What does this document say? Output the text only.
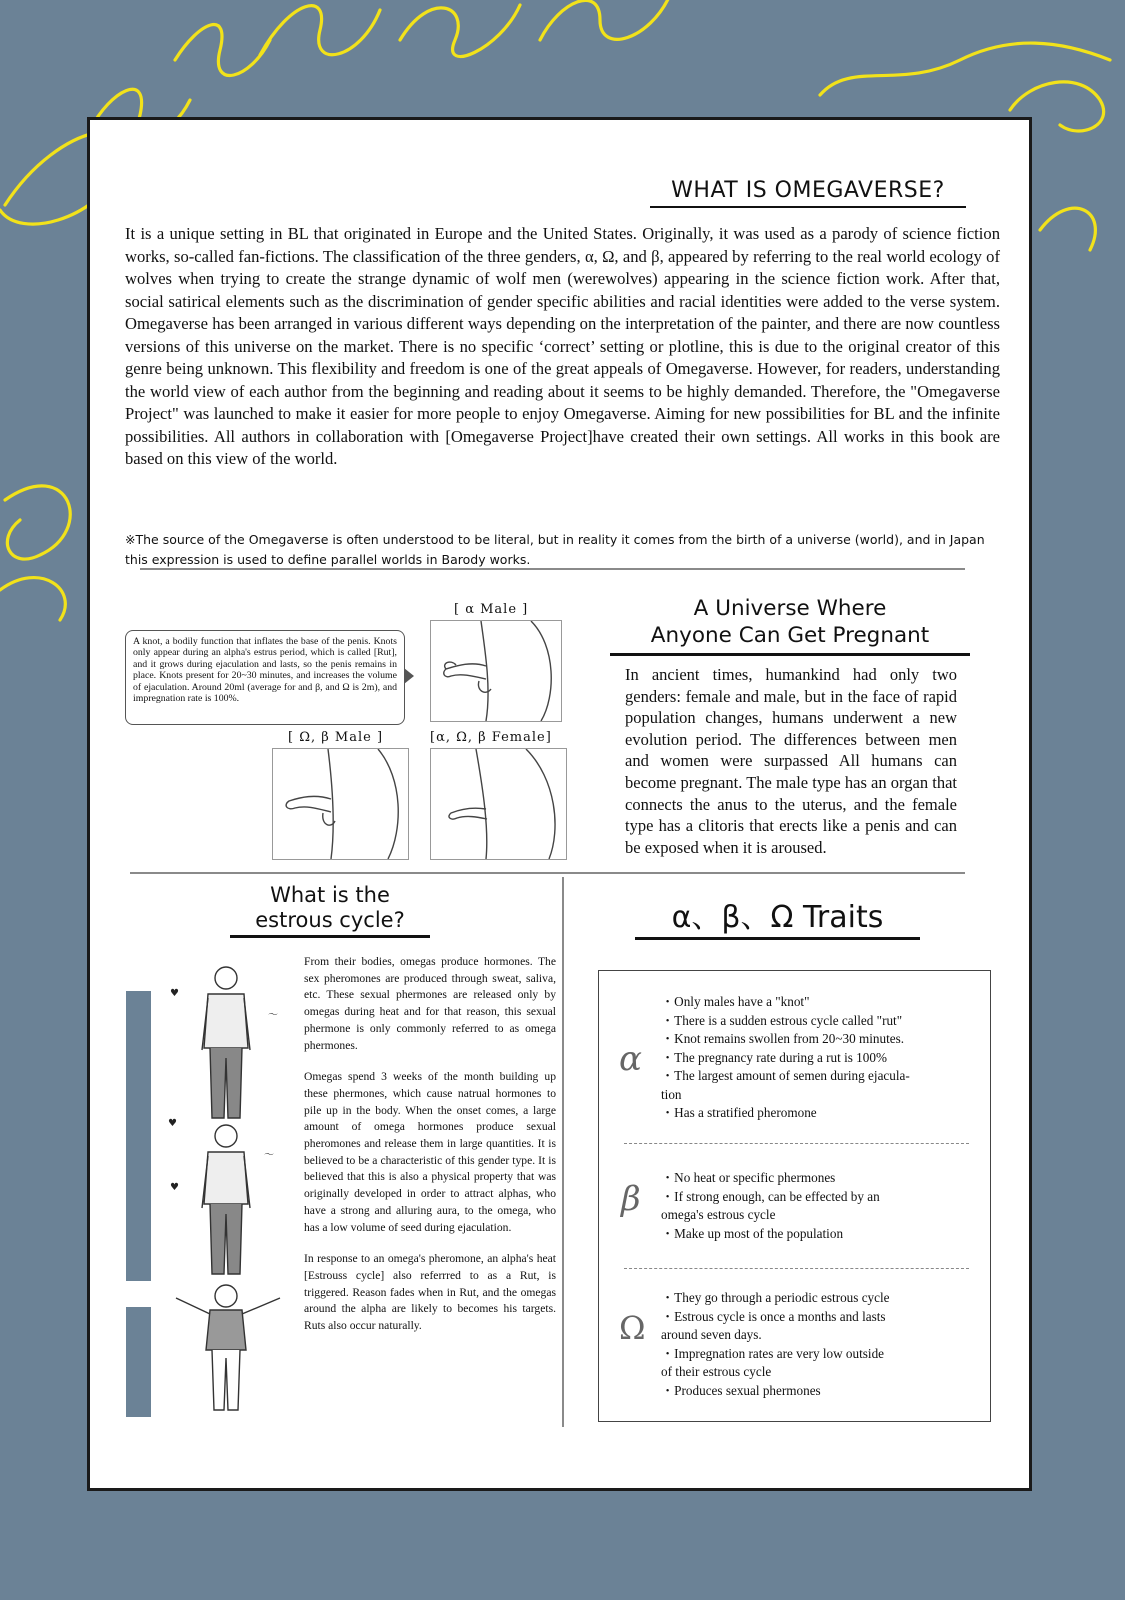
WHAT IS OMEGAVERSE?
It is a unique setting in BL that originated in Europe and the United States. Originally, it was used as a parody of science fiction works, so-called fan-fictions. The classification of the three genders, α, Ω, and β, appeared by referring to the real world ecology of wolves when trying to create the strange dynamic of wolf men (werewolves) appearing in the science fiction work. After that, social satirical elements such as the discrimination of gender specific abilities and racial identities were added to the verse system. Omegaverse has been arranged in various different ways depending on the interpretation of the painter, and there are now countless versions of this universe on the market. There is no specific ‘correct’ setting or plotline, this is due to the original creator of this genre being unknown. This flexibility and freedom is one of the great appeals of Omegaverse. However, for readers, understanding the world view of each author from the beginning and reading about it seems to be highly demanded. Therefore, the "Omegaverse Project" was launched to make it easier for more people to enjoy Omegaverse. Aiming for new possibilities for BL and the infinite possibilities. All authors in collaboration with [Omegaverse Project]have created their own settings. All works in this book are based on this view of the world.
※The source of the Omegaverse is often understood to be literal, but in reality it comes from the birth of a universe (world), and in Japan this expression is used to define parallel worlds in Barody works.
A Universe Where
Anyone Can Get Pregnant
In ancient times, humankind had only two genders: female and male, but in the face of rapid population changes, humans underwent a new evolution period. The differences between men and women were surpassed All humans can become pregnant. The male type has an organ that connects the anus to the uterus, and the female type has a clitoris that erects like a penis and can be exposed when it is aroused.
A knot, a bodily function that inflates the base of the penis. Knots only appear during an alpha's estrus period, which is called [Rut], and it grows during ejaculation and lasts, so the penis remains in place. Knots present for 20~30 minutes, and increases the volume of ejaculation. Around 20ml (average for and β, and Ω is 2m), and impregnation rate is 100%.
[ α Male ]
[ Ω, β Male ]	[α, Ω, β Female]
What is the
estrous cycle?
♥
〜
♥
〜
♥

From their bodies, omegas produce hormones. The sex pheromones are produced through sweat, saliva, etc. These sexual phermones are released only by omegas during heat and for that reason, this sexual phermone is only commonly referred to as omega phermones.

Omegas spend 3 weeks of the month building up these phermones, which cause natrual hormones to pile up in the body. When the onset comes, a large amount of omega hormones produce sexual pheromones and release them in large quantities. It is believed to be a characteristic of this gender type. It is believed that this is also a physical property that was originally developed in order to attract alphas, who have a strong and alluring aura, to the omega, who has a low volume of seed during ejaculation.

In response to an omega's pheromone, an alpha's heat [Estrouss cycle] also referrred to as a Rut, is triggered. Reason fades when in Rut, and the omegas around the alpha are likely to becomes his targets. Ruts also occur naturally.

α、β、Ω Traits
α
・Only males have a "knot"
・There is a sudden estrous cycle called "rut"
・Knot remains swollen from 20~30 minutes.
・The pregnancy rate during a rut is 100%
・The largest amount of semen during ejacula-
tion
・Has a stratified pheromone
β
・No heat or specific phermones
・If strong enough, can be effected by an
omega's estrous cycle
・Make up most of the population
Ω
・They go through a periodic estrous cycle
・Estrous cycle is once a months and lasts
around seven days.
・Impregnation rates are very low outside
of their estrous cycle
・Produces sexual phermones
